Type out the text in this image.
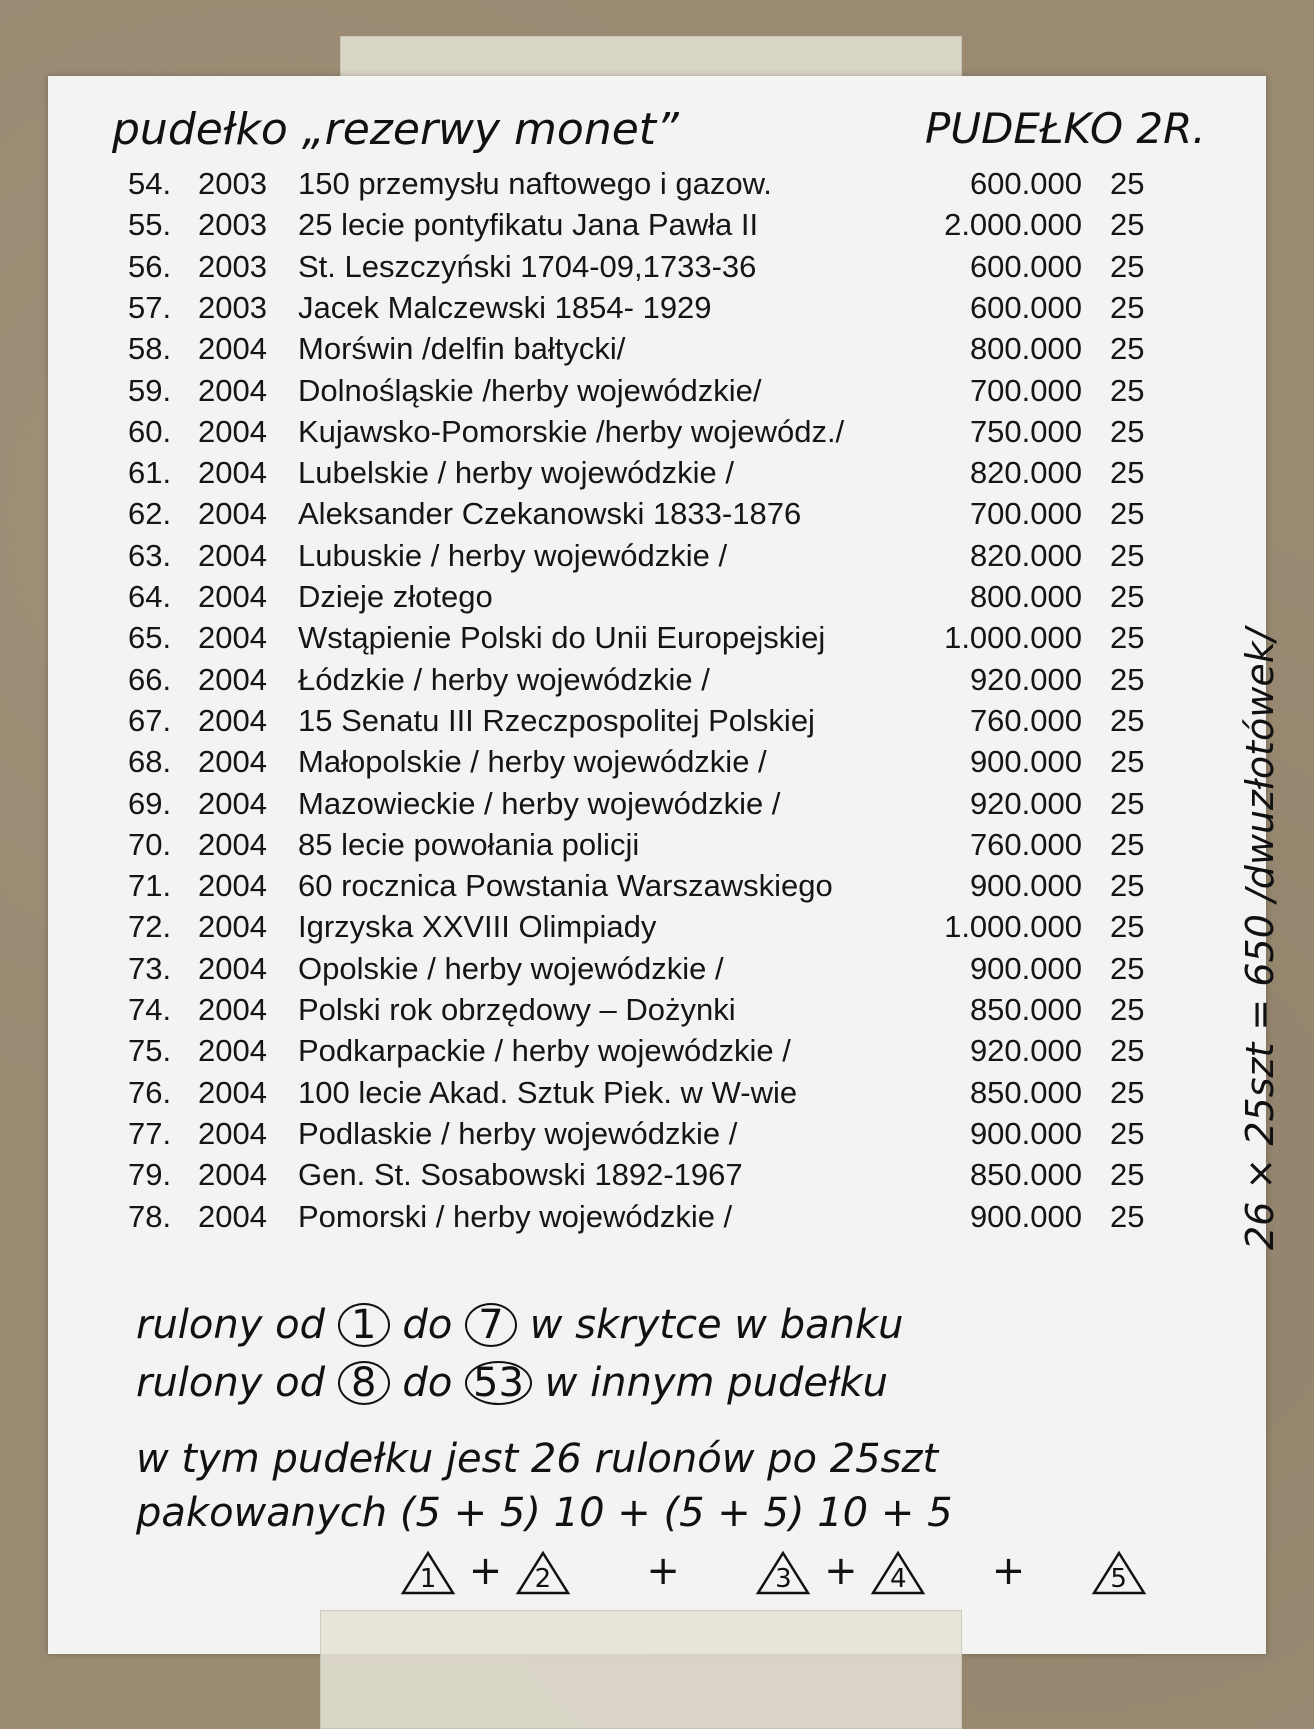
pudełko „rezerwy monet”	PUDEŁKO 2R.
54. 2003 150 przemysłu naftowego i gazow.	600.000 25
55. 2003 25 lecie pontyfikatu Jana Pawła II	2.000.000 25
56. 2003 St. Leszczyński 1704-09,1733-36	600.000 25
57. 2003 Jacek Malczewski 1854- 1929	600.000 25
58. 2004 Morświn /delfin bałtycki/	800.000 25
59. 2004 Dolnośląskie /herby wojewódzkie/	700.000 25
60. 2004 Kujawsko-Pomorskie /herby wojewódz./	750.000 25
61. 2004 Lubelskie / herby wojewódzkie /	820.000 25
62. 2004 Aleksander Czekanowski 1833-1876	700.000 25
63. 2004 Lubuskie / herby wojewódzkie /	820.000 25
64. 2004 Dzieje złotego	800.000 25
65. 2004 Wstąpienie Polski do Unii Europejskiej	1.000.000 25
66. 2004 Łódzkie / herby wojewódzkie /	920.000 25
67. 2004 15 Senatu III Rzeczpospolitej Polskiej	760.000 25
68. 2004 Małopolskie / herby wojewódzkie /	900.000 25
69. 2004 Mazowieckie / herby wojewódzkie /	920.000 25
70. 2004 85 lecie powołania policji	760.000 25
71. 2004 60 rocznica Powstania Warszawskiego	900.000 25
72. 2004 Igrzyska XXVIII Olimpiady	1.000.000 25
73. 2004 Opolskie / herby wojewódzkie /	900.000 25
74. 2004 Polski rok obrzędowy – Dożynki	850.000 25
75. 2004 Podkarpackie / herby wojewódzkie /	920.000 25
76. 2004 100 lecie Akad. Sztuk Piek. w W-wie	850.000 25
77. 2004 Podlaskie / herby wojewódzkie /	900.000 25
79. 2004 Gen. St. Sosabowski 1892-1967	850.000 25
78. 2004 Pomorski / herby wojewódzkie /	900.000 25 26 × 25szt = 650 /dwuzłotówek/
rulony od 1 do 7 w skrytce w banku
rulony od 8 do 53 w innym pudełku
w tym pudełku jest 26 rulonów po 25szt
pakowanych (5 + 5) 10 + (5 + 5) 10 + 5
1 +	2	+	3 +	4	+	5
